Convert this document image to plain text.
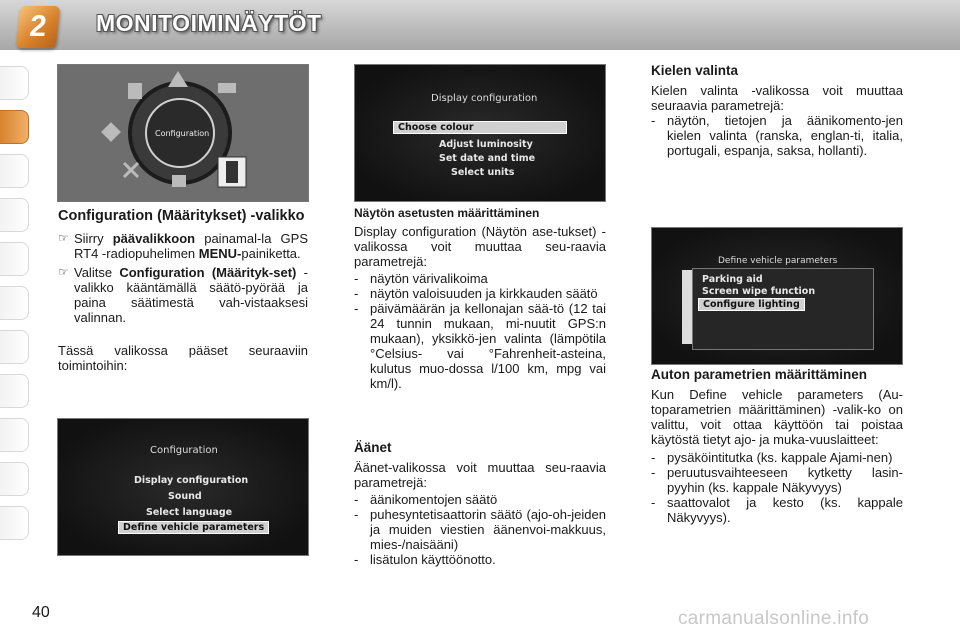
2	MONITOIMINÄYTÖT
Configuration
Display configuration
Choose colour
Adjust luminosity
Set date and time
Select units
Configuration
Display configuration
Sound
Select language
Define vehicle parameters
Define vehicle parameters
Parking aid
Screen wipe function
Configure lighting
Configuration (Määritykset) -valikko
☞ Siirry päävalikkoon painamal-la GPS RT4 -radiopuhelimen MENU-painiketta.
☞ Valitse Configuration (Määrityk-set) -valikko kääntämällä säätö-pyörää ja paina säätimestä vah-vistaaksesi valinnan.

Tässä valikossa pääset seuraaviin toimintoihin:

Näytön asetusten määrittäminen

Display configuration (Näytön ase-tukset) -valikossa voit muuttaa seu-raavia parametrejä:

- näytön värivalikoima
- näytön valoisuuden ja kirkkauden säätö
- päivämäärän ja kellonajan sää-tö (12 tai 24 tunnin mukaan, mi-nuutit GPS:n mukaan), yksikkö-jen valinta (lämpötila °Celsius- vai °Fahrenheit-asteina, kulutus muo-dossa l/100 km, mpg vai km/l).
Äänet

Äänet-valikossa voit muuttaa seu-raavia parametrejä:

- äänikomentojen säätö
- puhesyntetisaattorin säätö (ajo-oh-jeiden ja muiden viestien äänenvoi-makkuus, mies-/naisääni)
- lisätulon käyttöönotto.
Kielen valinta

Kielen valinta -valikossa voit muuttaa seuraavia parametrejä:

- näytön, tietojen ja äänikomento-jen kielen valinta (ranska, englan-ti, italia, portugali, espanja, saksa, hollanti).
Auton parametrien määrittäminen

Kun Define vehicle parameters (Au-toparametrien määrittäminen) -valik-ko on valittu, voit ottaa käyttöön tai poistaa käytöstä tietyt ajo- ja muka-vuuslaitteet:

- pysäköintitutka (ks. kappale Ajami-nen)
- peruutusvaihteeseen kytketty lasin-pyyhin (ks. kappale Näkyvyys)
- saattovalot ja kesto (ks. kappale Näkyvyys).
40	carmanualsonline.info
